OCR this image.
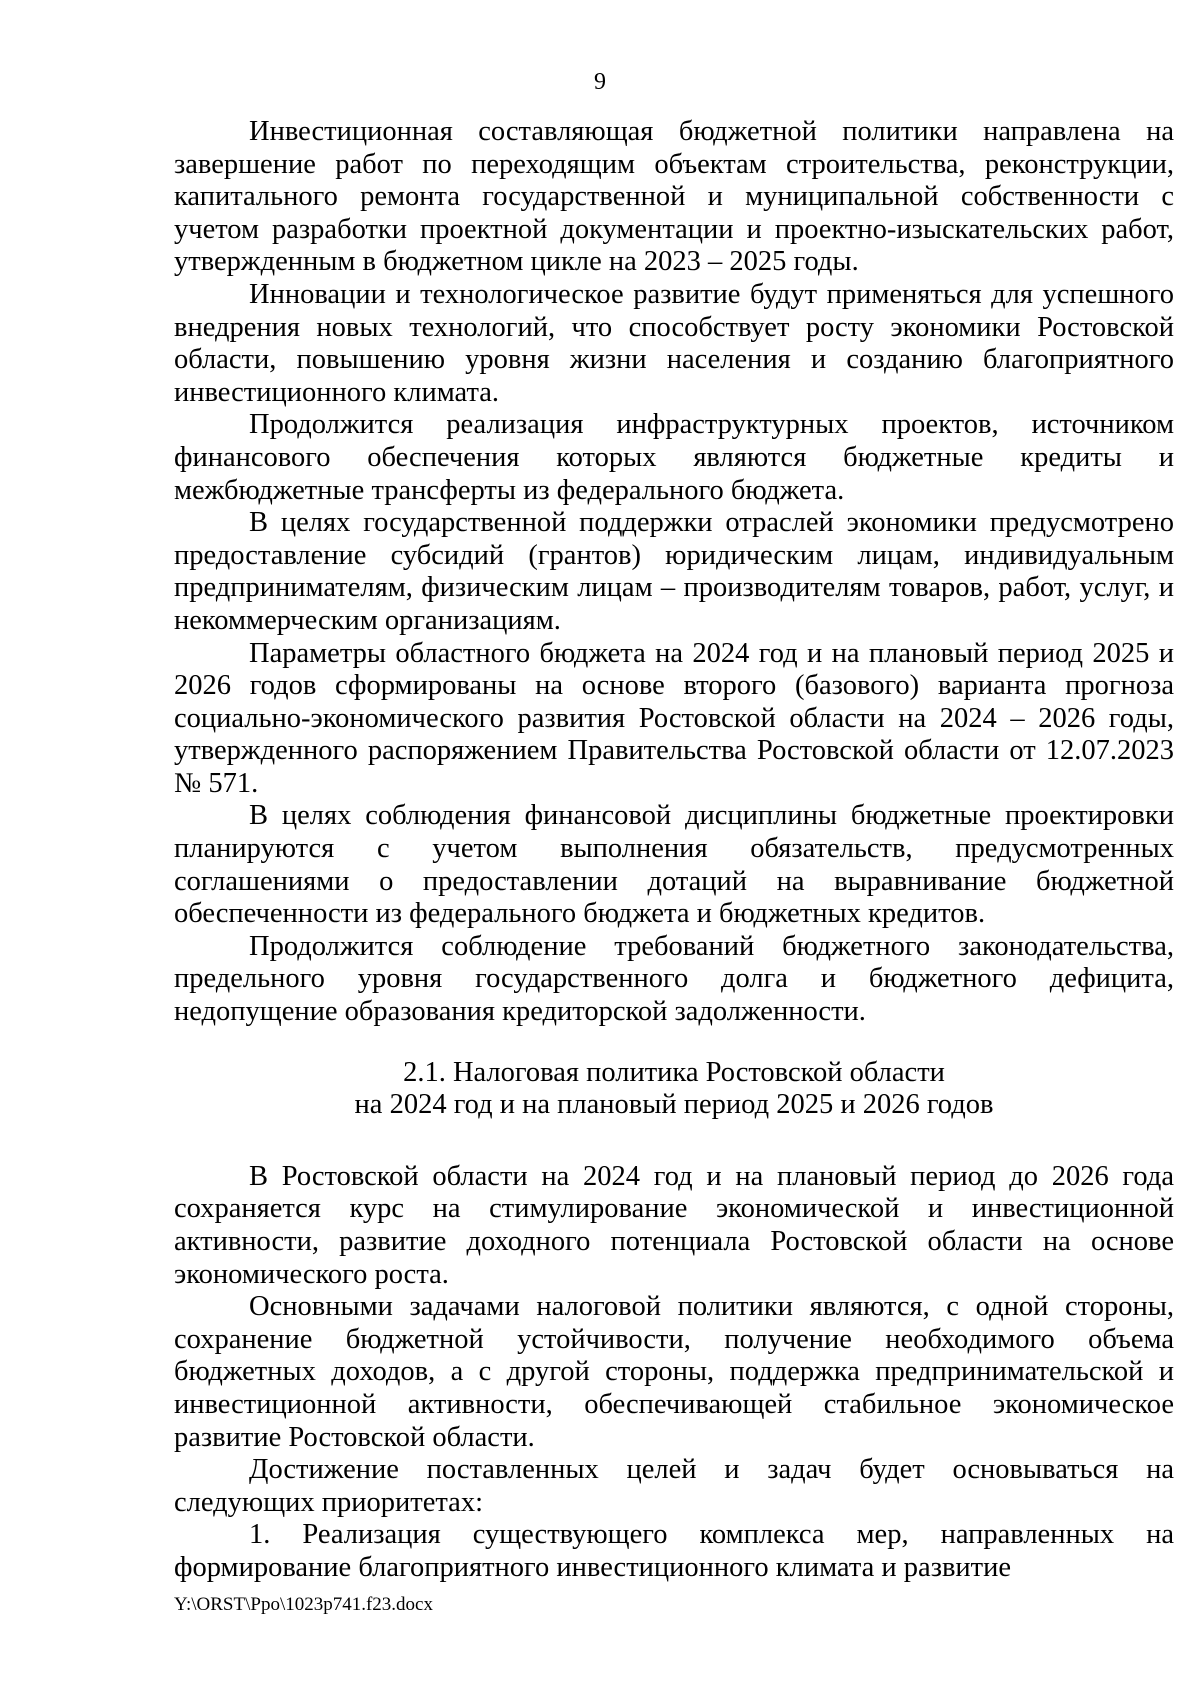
9

Инвестиционная составляющая бюджетной политики направлена на завершение работ по переходящим объектам строительства, реконструкции, капитального ремонта государственной и муниципальной собственности с учетом разработки проектной документации и проектно-изыскательских работ, утвержденным в бюджетном цикле на 2023 – 2025 годы.

Инновации и технологическое развитие будут применяться для успешного внедрения новых технологий, что способствует росту экономики Ростовской области, повышению уровня жизни населения и созданию благоприятного инвестиционного климата.

Продолжится реализация инфраструктурных проектов, источником финансового обеспечения которых являются бюджетные кредиты и межбюджетные трансферты из федерального бюджета.

В целях государственной поддержки отраслей экономики предусмотрено предоставление субсидий (грантов) юридическим лицам, индивидуальным предпринимателям, физическим лицам – производителям товаров, работ, услуг, и некоммерческим организациям.

Параметры областного бюджета на 2024 год и на плановый период 2025 и 2026 годов сформированы на основе второго (базового) варианта прогноза социально-экономического развития Ростовской области на 2024 – 2026 годы, утвержденного распоряжением Правительства Ростовской области от 12.07.2023 № 571.

В целях соблюдения финансовой дисциплины бюджетные проектировки планируются с учетом выполнения обязательств, предусмотренных соглашениями о предоставлении дотаций на выравнивание бюджетной обеспеченности из федерального бюджета и бюджетных кредитов.

Продолжится соблюдение требований бюджетного законодательства, предельного уровня государственного долга и бюджетного дефицита, недопущение образования кредиторской задолженности.

2.1. Налоговая политика Ростовской области
на 2024 год и на плановый период 2025 и 2026 годов

В Ростовской области на 2024 год и на плановый период до 2026 года сохраняется курс на стимулирование экономической и инвестиционной активности, развитие доходного потенциала Ростовской области на основе экономического роста.

Основными задачами налоговой политики являются, с одной стороны, сохранение бюджетной устойчивости, получение необходимого объема бюджетных доходов, а с другой стороны, поддержка предпринимательской и инвестиционной активности, обеспечивающей стабильное экономическое развитие Ростовской области.

Достижение поставленных целей и задач будет основываться на следующих приоритетах:

1. Реализация существующего комплекса мер, направленных на формирование благоприятного инвестиционного климата и развитие

Y:\ORST\Ppo\1023p741.f23.docx
